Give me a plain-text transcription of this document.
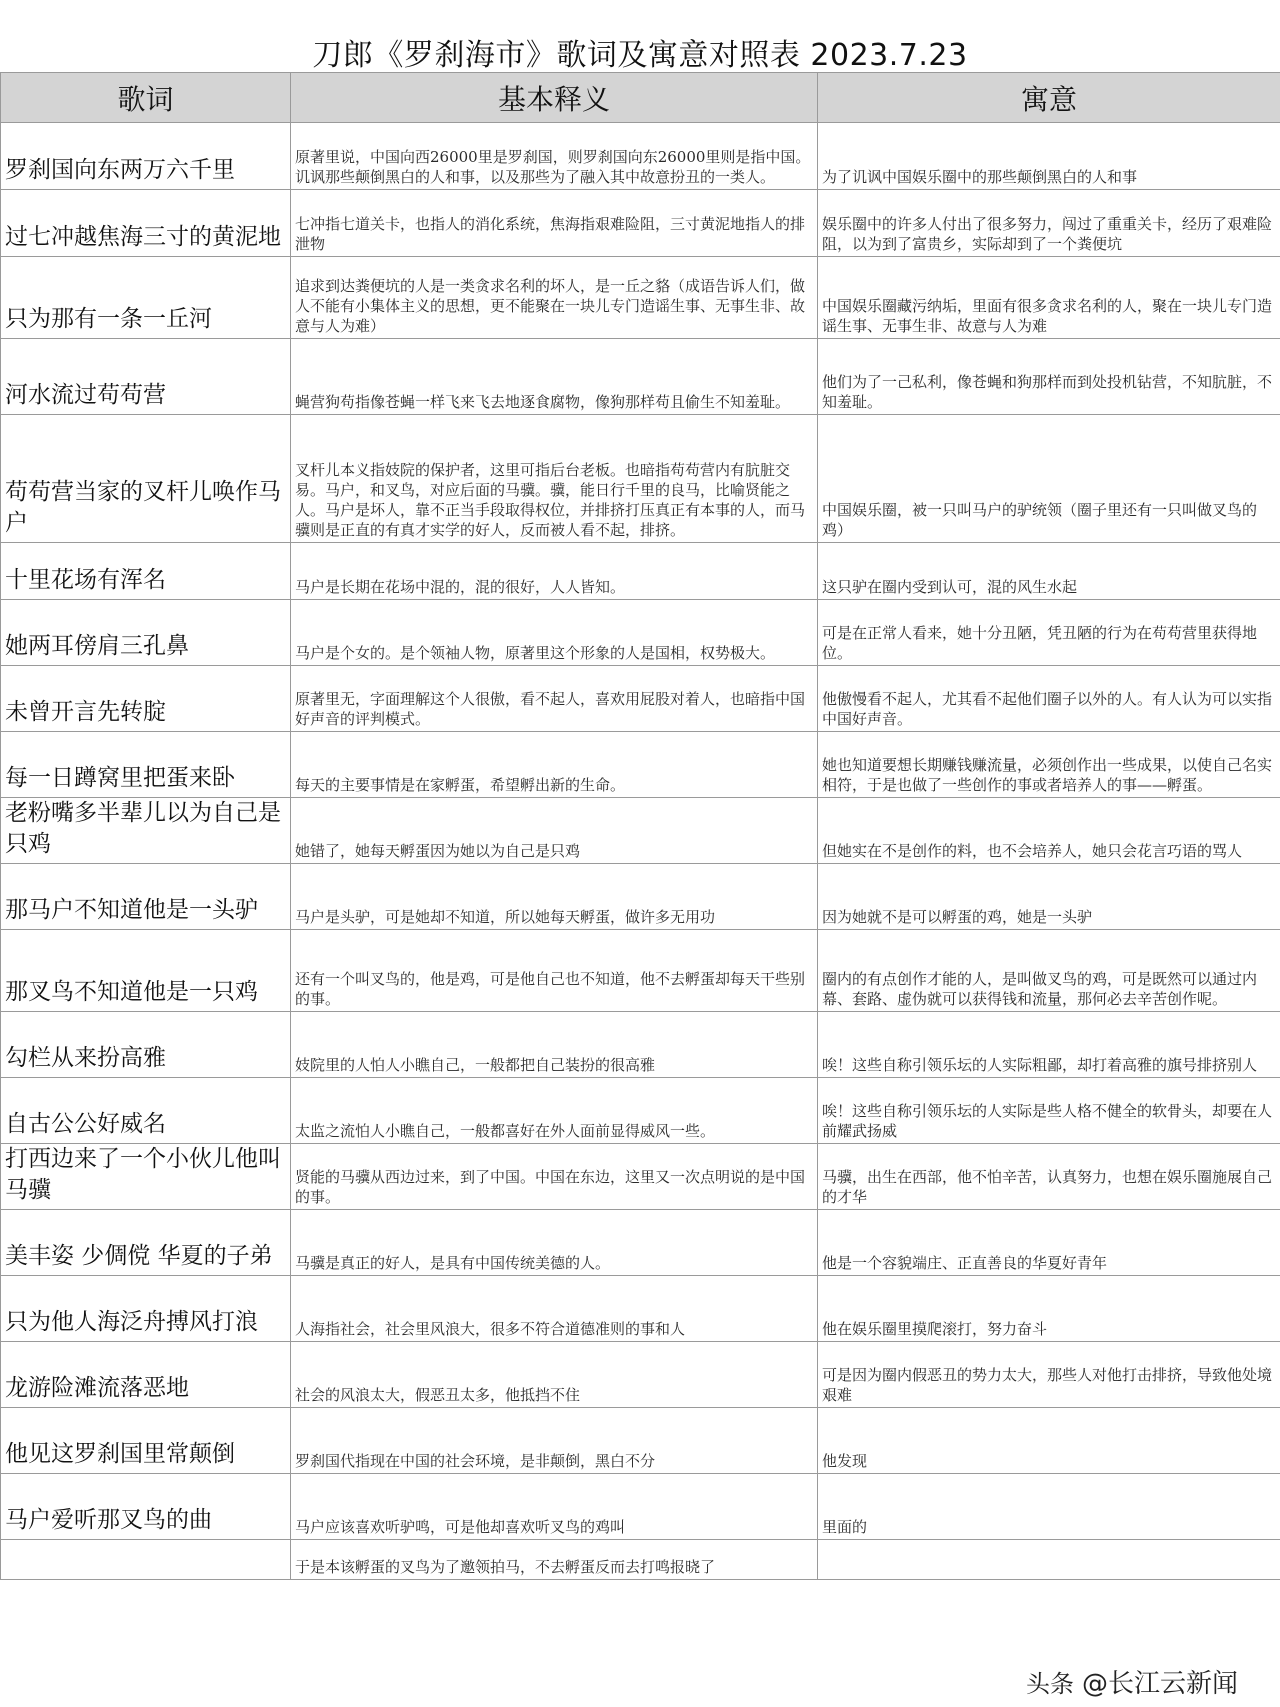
刀郎《罗刹海市》歌词及寓意对照表 2023.7.23
歌词	基本释义	寓意
罗刹国向东两万六千里	原著里说，中国向西26000里是罗刹国，则罗刹国向东26000里则是指中国。讥讽那些颠倒黑白的人和事，以及那些为了融入其中故意扮丑的一类人。	为了讥讽中国娱乐圈中的那些颠倒黑白的人和事
过七冲越焦海三寸的黄泥地	七冲指七道关卡，也指人的消化系统，焦海指艰难险阻，三寸黄泥地指人的排泄物	娱乐圈中的许多人付出了很多努力，闯过了重重关卡，经历了艰难险阻，以为到了富贵乡，实际却到了一个粪便坑
只为那有一条一丘河	追求到达粪便坑的人是一类贪求名利的坏人，是一丘之貉（成语告诉人们，做人不能有小集体主义的思想，更不能聚在一块儿专门造谣生事、无事生非、故意与人为难）	中国娱乐圈藏污纳垢，里面有很多贪求名利的人，聚在一块儿专门造谣生事、无事生非、故意与人为难
河水流过苟苟营	蝇营狗苟指像苍蝇一样飞来飞去地逐食腐物，像狗那样苟且偷生不知羞耻。	他们为了一己私利，像苍蝇和狗那样而到处投机钻营，不知肮脏，不知羞耻。
苟苟营当家的叉杆儿唤作马户	叉杆儿本义指妓院的保护者，这里可指后台老板。也暗指苟苟营内有肮脏交易。马户，和叉鸟，对应后面的马骥。骥，能日行千里的良马，比喻贤能之人。马户是坏人，靠不正当手段取得权位，并排挤打压真正有本事的人，而马骥则是正直的有真才实学的好人，反而被人看不起，排挤。	中国娱乐圈，被一只叫马户的驴统领（圈子里还有一只叫做叉鸟的鸡）
十里花场有浑名	马户是长期在花场中混的，混的很好，人人皆知。	这只驴在圈内受到认可，混的风生水起
她两耳傍肩三孔鼻	马户是个女的。是个领袖人物，原著里这个形象的人是国相，权势极大。	可是在正常人看来，她十分丑陋，凭丑陋的行为在苟苟营里获得地位。
未曾开言先转腚	原著里无，字面理解这个人很傲，看不起人，喜欢用屁股对着人，也暗指中国好声音的评判模式。	他傲慢看不起人，尤其看不起他们圈子以外的人。有人认为可以实指中国好声音。
每一日蹲窝里把蛋来卧	每天的主要事情是在家孵蛋，希望孵出新的生命。	她也知道要想长期赚钱赚流量，必须创作出一些成果，以使自己名实相符，于是也做了一些创作的事或者培养人的事——孵蛋。
老粉嘴多半辈儿以为自己是只鸡	她错了，她每天孵蛋因为她以为自己是只鸡	但她实在不是创作的料，也不会培养人，她只会花言巧语的骂人
那马户不知道他是一头驴	马户是头驴，可是她却不知道，所以她每天孵蛋，做许多无用功	因为她就不是可以孵蛋的鸡，她是一头驴
那叉鸟不知道他是一只鸡	还有一个叫叉鸟的，他是鸡，可是他自己也不知道，他不去孵蛋却每天干些别的事。	圈内的有点创作才能的人，是叫做叉鸟的鸡，可是既然可以通过内幕、套路、虚伪就可以获得钱和流量，那何必去辛苦创作呢。
勾栏从来扮高雅	妓院里的人怕人小瞧自己，一般都把自己装扮的很高雅	唉！这些自称引领乐坛的人实际粗鄙，却打着高雅的旗号排挤别人
自古公公好威名	太监之流怕人小瞧自己，一般都喜好在外人面前显得威风一些。	唉！这些自称引领乐坛的人实际是些人格不健全的软骨头，却要在人前耀武扬威
打西边来了一个小伙儿他叫马骥	贤能的马骥从西边过来，到了中国。中国在东边，这里又一次点明说的是中国的事。	马骥，出生在西部，他不怕辛苦，认真努力，也想在娱乐圈施展自己的才华
美丰姿 少倜傥 华夏的子弟	马骥是真正的好人，是具有中国传统美德的人。	他是一个容貌端庄、正直善良的华夏好青年
只为他人海泛舟搏风打浪	人海指社会，社会里风浪大，很多不符合道德准则的事和人	他在娱乐圈里摸爬滚打，努力奋斗
龙游险滩流落恶地	社会的风浪太大，假恶丑太多，他抵挡不住	可是因为圈内假恶丑的势力太大，那些人对他打击排挤，导致他处境艰难
他见这罗刹国里常颠倒	罗刹国代指现在中国的社会环境，是非颠倒，黑白不分	他发现
马户爱听那叉鸟的曲	马户应该喜欢听驴鸣，可是他却喜欢听叉鸟的鸡叫	里面的
	于是本该孵蛋的叉鸟为了邀领拍马，不去孵蛋反而去打鸣报晓了	
头条 @长江云新闻
